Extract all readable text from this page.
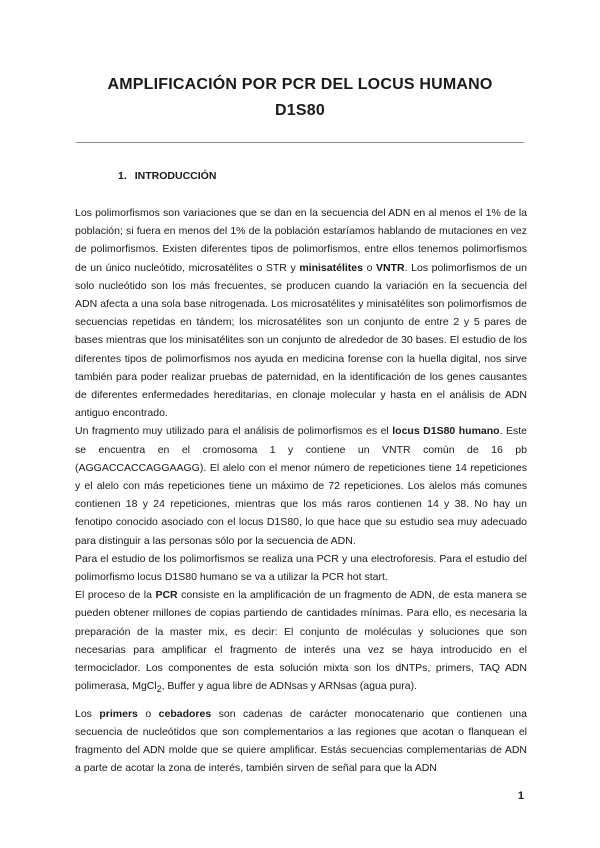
AMPLIFICACIÓN POR PCR DEL LOCUS HUMANO
D1S80
1. INTRODUCCIÓN

Los polimorfismos son variaciones que se dan en la secuencia del ADN en al menos el 1% de la población; si fuera en menos del 1% de la población estaríamos hablando de mutaciones en vez de polimorfismos. Existen diferentes tipos de polimorfismos, entre ellos tenemos polimorfismos de un único nucleótido, microsatélites o STR y minisatélites o VNTR. Los polimorfismos de un solo nucleótido son los más frecuentes, se producen cuando la variación en la secuencia del ADN afecta a una sola base nitrogenada. Los microsatélites y minisatélites son polimorfismos de secuencias repetidas en tándem; los microsatélites son un conjunto de entre 2 y 5 pares de bases mientras que los minisatélites son un conjunto de alrededor de 30 bases. El estudio de los diferentes tipos de polimorfismos nos ayuda en medicina forense con la huella digital, nos sirve también para poder realizar pruebas de paternidad, en la identificación de los genes causantes de diferentes enfermedades hereditarias, en clonaje molecular y hasta en el análisis de ADN antiguo encontrado.

Un fragmento muy utilizado para el análisis de polimorfismos es el locus D1S80 humano. Este se encuentra en el cromosoma 1 y contiene un VNTR común de 16 pb (AGGACCACCAGGAAGG). El alelo con el menor número de repeticiones tiene 14 repeticiones y el alelo con más repeticiones tiene un máximo de 72 repeticiones. Los alelos más comunes contienen 18 y 24 repeticiones, mientras que los más raros contienen 14 y 38. No hay un fenotipo conocido asociado con el locus D1S80, lo que hace que su estudio sea muy adecuado para distinguir a las personas sólo por la secuencia de ADN.

Para el estudio de los polimorfismos se realiza una PCR y una electroforesis. Para el estudio del polimorfismo locus D1S80 humano se va a utilizar la PCR hot start.

El proceso de la PCR consiste en la amplificación de un fragmento de ADN, de esta manera se pueden obtener millones de copias partiendo de cantidades mínimas. Para ello, es necesaria la preparación de la master mix, es decir: El conjunto de moléculas y soluciones que son necesarias para amplificar el fragmento de interés una vez se haya introducido en el termociclador. Los componentes de esta solución mixta son los dNTPs, primers, TAQ ADN polimerasa, MgCl$_2$, Buffer y agua libre de ADNsas y ARNsas (agua pura).

Los primers o cebadores son cadenas de carácter monocatenario que contienen una secuencia de nucleótidos que son complementarios a las regiones que acotan o flanquean el fragmento del ADN molde que se quiere amplificar. Estás secuencias complementarias de ADN a parte de acotar la zona de interés, también sirven de señal para que la ADN

1
